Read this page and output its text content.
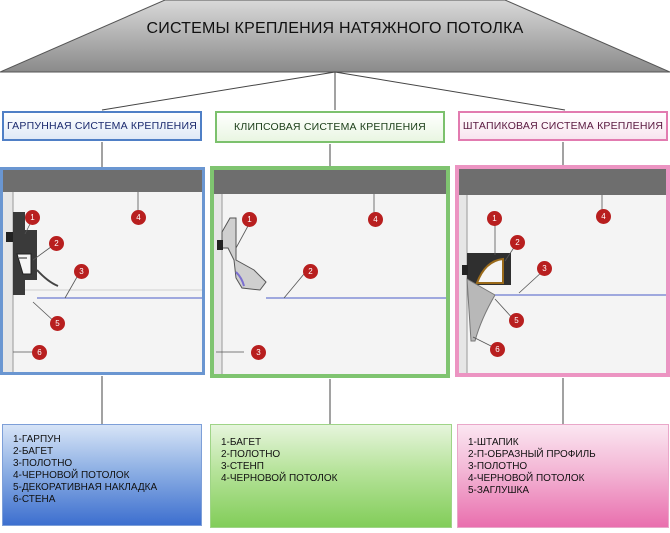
СИСТЕМЫ КРЕПЛЕНИЯ НАТЯЖНОГО ПОТОЛКА
ГАРПУННАЯ СИСТЕМА КРЕПЛЕНИЯ	КЛИПСОВАЯ СИСТЕМА КРЕПЛЕНИЯ	ШТАПИКОВАЯ СИСТЕМА КРЕПЛЕНИЯ
1
2
3
4
5
6
1
2
3
4	1
2
3
4
5
6
1-ГАРПУН
2-БАГЕТ
3-ПОЛОТНО
4-ЧЕРНОВОЙ ПОТОЛОК
5-ДЕКОРАТИВНАЯ НАКЛАДКА
6-СТЕНА
1-БАГЕТ
2-ПОЛОТНО
3-СТЕНП
4-ЧЕРНОВОЙ ПОТОЛОК
1-ШТАПИК
2-П-ОБРАЗНЫЙ ПРОФИЛЬ
3-ПОЛОТНО
4-ЧЕРНОВОЙ ПОТОЛОК
5-ЗАГЛУШКА
